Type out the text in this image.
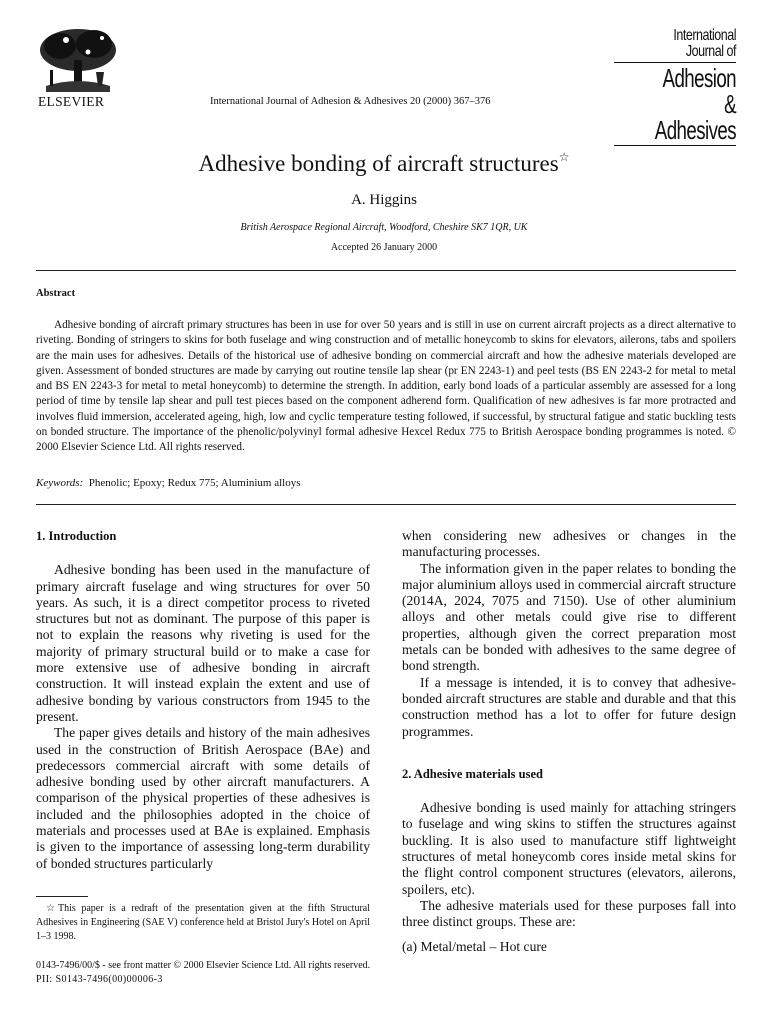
ELSEVIER	International Journal of Adhesion & Adhesives 20 (2000) 367–376
International Journal of
Adhesion &
Adhesives
Adhesive bonding of aircraft structures☆
A. Higgins
British Aerospace Regional Aircraft, Woodford, Cheshire SK7 1QR, UK
Accepted 26 January 2000
Abstract
Adhesive bonding of aircraft primary structures has been in use for over 50 years and is still in use on current aircraft projects as a direct alternative to riveting. Bonding of stringers to skins for both fuselage and wing construction and of metallic honeycomb to skins for elevators, ailerons, tabs and spoilers are the main uses for adhesives. Details of the historical use of adhesive bonding on commercial aircraft and how the adhesive materials developed are given. Assessment of bonded structures are made by carrying out routine tensile lap shear (pr EN 2243-1) and peel tests (BS EN 2243-2 for metal to metal and BS EN 2243-3 for metal to metal honeycomb) to determine the strength. In addition, early bond loads of a particular assembly are assessed for a long period of time by tensile lap shear and pull test pieces based on the component adherend form. Qualification of new adhesives is far more protracted and involves fluid immersion, accelerated ageing, high, low and cyclic temperature testing followed, if successful, by structural fatigue and static buckling tests on bonded structure. The importance of the phenolic/polyvinyl formal adhesive Hexcel Redux 775 to British Aerospace bonding programmes is noted. © 2000 Elsevier Science Ltd. All rights reserved.
Keywords: Phenolic; Epoxy; Redux 775; Aluminium alloys
1. Introduction

Adhesive bonding has been used in the manufacture of primary aircraft fuselage and wing structures for over 50 years. As such, it is a direct competitor process to riveted structures but not as dominant. The purpose of this paper is not to explain the reasons why riveting is used for the majority of primary structural build or to make a case for more extensive use of adhesive bonding in aircraft construction. It will instead explain the extent and use of adhesive bonding by various constructors from 1945 to the present.

The paper gives details and history of the main adhesives used in the construction of British Aerospace (BAe) and predecessors commercial aircraft with some details of adhesive bonding used by other aircraft manufacturers. A comparison of the physical properties of these adhesives is included and the philosophies adopted in the choice of materials and processes used at BAe is explained. Emphasis is given to the importance of assessing long-term durability of bonded structures particularly

when considering new adhesives or changes in the manufacturing processes.

The information given in the paper relates to bonding the major aluminium alloys used in commercial aircraft structure (2014A, 2024, 7075 and 7150). Use of other aluminium alloys and other metals could give rise to different properties, although given the correct preparation most metals can be bonded with adhesives to the same degree of bond strength.

If a message is intended, it is to convey that adhesive-bonded aircraft structures are stable and durable and that this construction method has a lot to offer for future design programmes.

2. Adhesive materials used

Adhesive bonding is used mainly for attaching stringers to fuselage and wing skins to stiffen the structures against buckling. It is also used to manufacture stiff lightweight structures of metal honeycomb cores inside metal skins for the flight control component structures (elevators, ailerons, spoilers, etc).

The adhesive materials used for these purposes fall into three distinct groups. These are:

(a) Metal/metal – Hot cure

☆This paper is a redraft of the presentation given at the fifth Structural Adhesives in Engineering (SAE V) conference held at Bristol Jury's Hotel on April 1–3 1998.
0143-7496/00/$ - see front matter © 2000 Elsevier Science Ltd. All rights reserved.
PII: S0143-7496(00)00006-3
